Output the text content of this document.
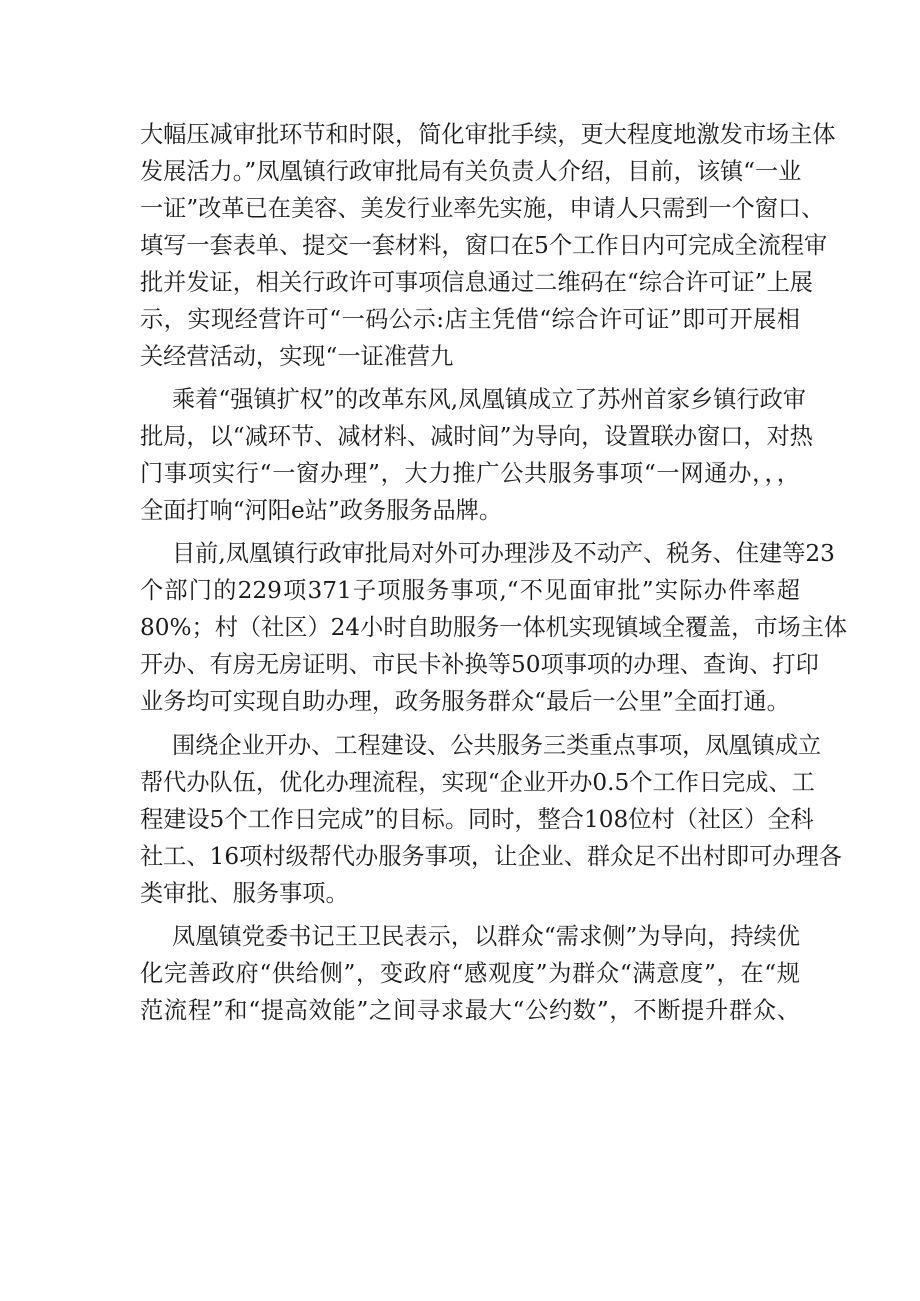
大幅压减审批环节和时限，简化审批手续，更大程度地激发市场主体

发展活力。”凤凰镇行政审批局有关负责人介绍，目前，该镇“一业

一证”改革已在美容、美发行业率先实施，申请人只需到一个窗口、

填写一套表单、提交一套材料，窗口在5个工作日内可完成全流程审

批并发证，相关行政许可事项信息通过二维码在“综合许可证”上展

示，实现经营许可“一码公示:店主凭借“综合许可证”即可开展相

关经营活动，实现“一证准营九

乘着“强镇扩权”的改革东风,凤凰镇成立了苏州首家乡镇行政审

批局，以“减环节、减材料、减时间”为导向，设置联办窗口，对热

门事项实行“一窗办理”，大力推广公共服务事项“一网通办，，，

全面打响“河阳e站”政务服务品牌。

目前,凤凰镇行政审批局对外可办理涉及不动产、税务、住建等23

个部门的229项371子项服务事项,“不见面审批”实际办件率超

80%；村（社区）24小时自助服务一体机实现镇域全覆盖，市场主体

开办、有房无房证明、市民卡补换等50项事项的办理、查询、打印

业务均可实现自助办理，政务服务群众“最后一公里”全面打通。

围绕企业开办、工程建设、公共服务三类重点事项，凤凰镇成立

帮代办队伍，优化办理流程，实现“企业开办0.5个工作日完成、工

程建设5个工作日完成”的目标。同时，整合108位村（社区）全科

社工、16项村级帮代办服务事项，让企业、群众足不出村即可办理各

类审批、服务事项。

凤凰镇党委书记王卫民表示，以群众“需求侧”为导向，持续优

化完善政府“供给侧”，变政府“感观度”为群众“满意度”，在“规

范流程”和“提高效能”之间寻求最大“公约数”，不断提升群众、
